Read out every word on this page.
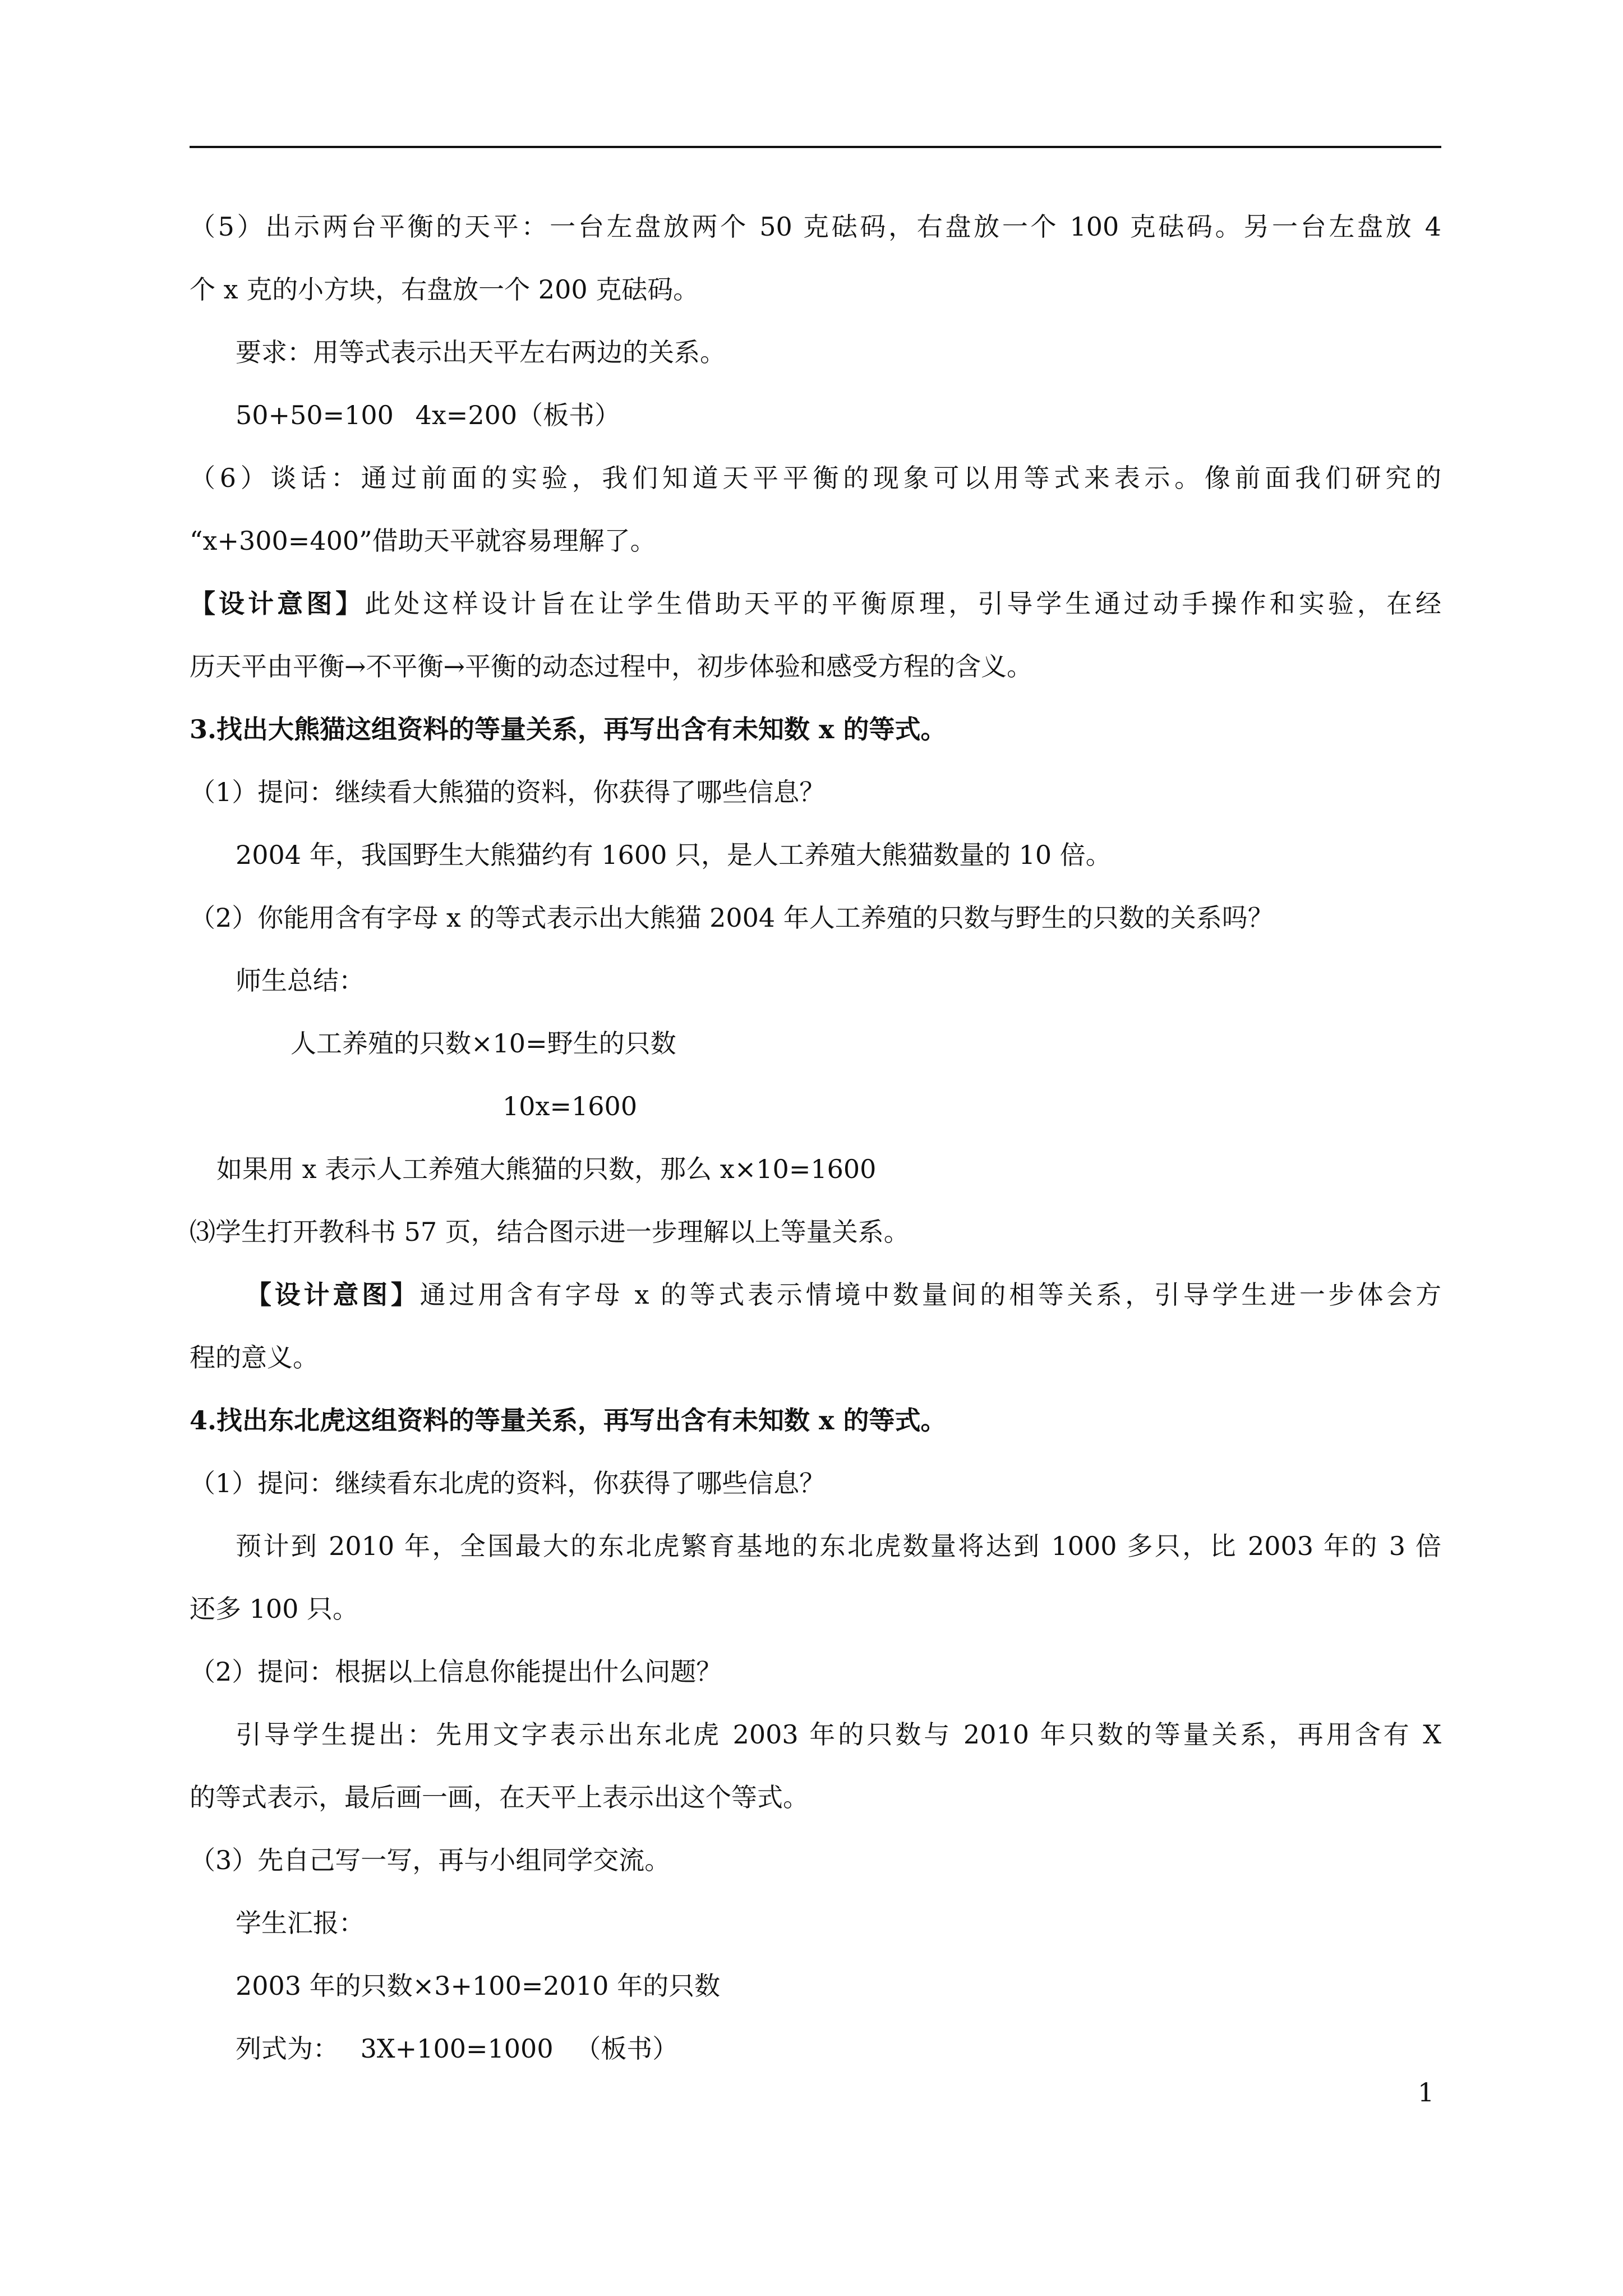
（5）出示两台平衡的天平：一台左盘放两个 50 克砝码，右盘放一个 100 克砝码。另一台左盘放 4
个 x 克的小方块，右盘放一个 200 克砝码。
要求：用等式表示出天平左右两边的关系。
50+50=100 4x=200（板书）
（6）谈话：通过前面的实验，我们知道天平平衡的现象可以用等式来表示。像前面我们研究的
“x+300=400”借助天平就容易理解了。
【设计意图】此处这样设计旨在让学生借助天平的平衡原理，引导学生通过动手操作和实验，在经
历天平由平衡→不平衡→平衡的动态过程中，初步体验和感受方程的含义。
3.找出大熊猫这组资料的等量关系，再写出含有未知数 x 的等式。
（1）提问：继续看大熊猫的资料，你获得了哪些信息？
2004 年，我国野生大熊猫约有 1600 只，是人工养殖大熊猫数量的 10 倍。
（2）你能用含有字母 x 的等式表示出大熊猫 2004 年人工养殖的只数与野生的只数的关系吗？
师生总结：
人工养殖的只数×10=野生的只数
10x=1600
如果用 x 表示人工养殖大熊猫的只数，那么 x×10=1600
⑶学生打开教科书 57 页，结合图示进一步理解以上等量关系。
【设计意图】通过用含有字母 x 的等式表示情境中数量间的相等关系，引导学生进一步体会方
程的意义。
4.找出东北虎这组资料的等量关系，再写出含有未知数 x 的等式。
（1）提问：继续看东北虎的资料，你获得了哪些信息？
预计到 2010 年，全国最大的东北虎繁育基地的东北虎数量将达到 1000 多只，比 2003 年的 3 倍
还多 100 只。
（2）提问：根据以上信息你能提出什么问题？
引导学生提出：先用文字表示出东北虎 2003 年的只数与 2010 年只数的等量关系，再用含有 X
的等式表示，最后画一画，在天平上表示出这个等式。
（3）先自己写一写，再与小组同学交流。
学生汇报：
2003 年的只数×3+100=2010 年的只数
列式为： 3X+100=1000 （板书）
1
